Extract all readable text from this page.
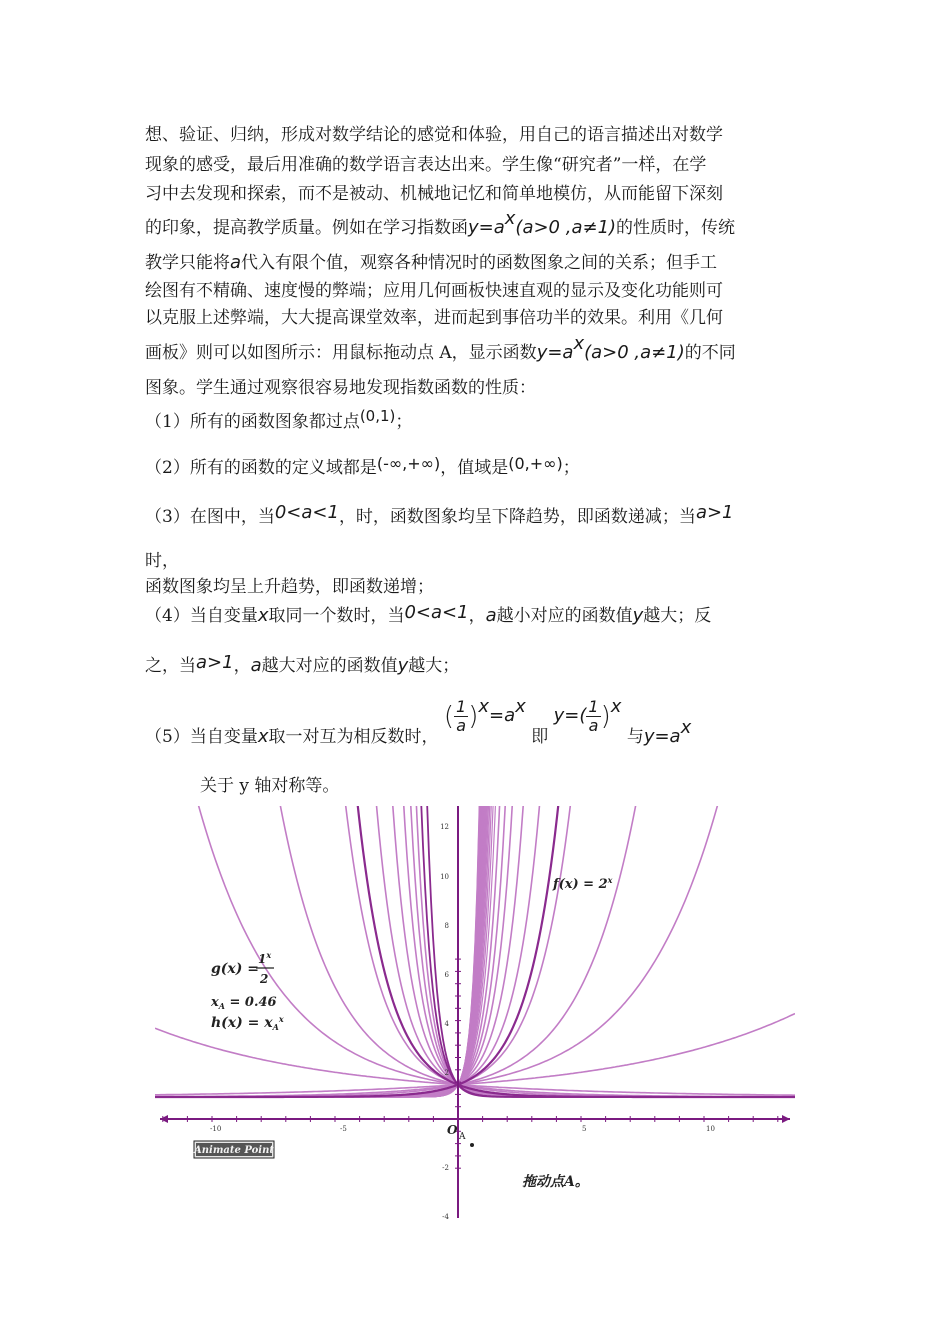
想、验证、归纳，形成对数学结论的感觉和体验，用自己的语言描述出对数学
现象的感受，最后用准确的数学语言表达出来。学生像“研究者”一样，在学
习中去发现和探索，而不是被动、机械地记忆和简单地模仿，从而能留下深刻
的印象，提高教学质量。例如在学习指数函$y=a^x(a>0$ ,a≠1)的性质时，传统
教学只能将a代入有限个值，观察各种情况时的函数图象之间的关系；但手工
绘图有不精确、速度慢的弊端；应用几何画板快速直观的显示及变化功能则可
以克服上述弊端，大大提高课堂效率，进而起到事倍功半的效果。利用《几何
画板》则可以如图所示：用鼠标拖动点 A，显示函数$y=a^x(a>0$ ,a≠1)的不同
图象。学生通过观察很容易地发现指数函数的性质：
（1）所有的函数图象都过点(0,1)；
（2）所有的函数的定义域都是(-∞,+∞)，值域是(0,+∞)；
（3）在图中，当0<a<1，时，函数图象均呈下降趋势，即函数递减；当a>1
时，
函数图象均呈上升趋势，即函数递增；
（4）当自变量x取同一个数时，当0<a<1，a越小对应的函数值y越大；反
之，当a>1，a越大对应的函数值y越大；
（5）当自变量x取一对互为相反数时， ( $\frac{1}{a} )^x=a^x$ 即 $y=( \frac{1}{a} )^x$ 与$y=a^x$
关于 y 轴对称等。
-10	-5	5	10
12
10
8
6
4
2
-2
-4
$f(x) = 2^x$
g(x) =
$1^x$
2
$x_A = 0.46$
$h(x) = x_A^x$
Animate Point
O A
拖动点A。
